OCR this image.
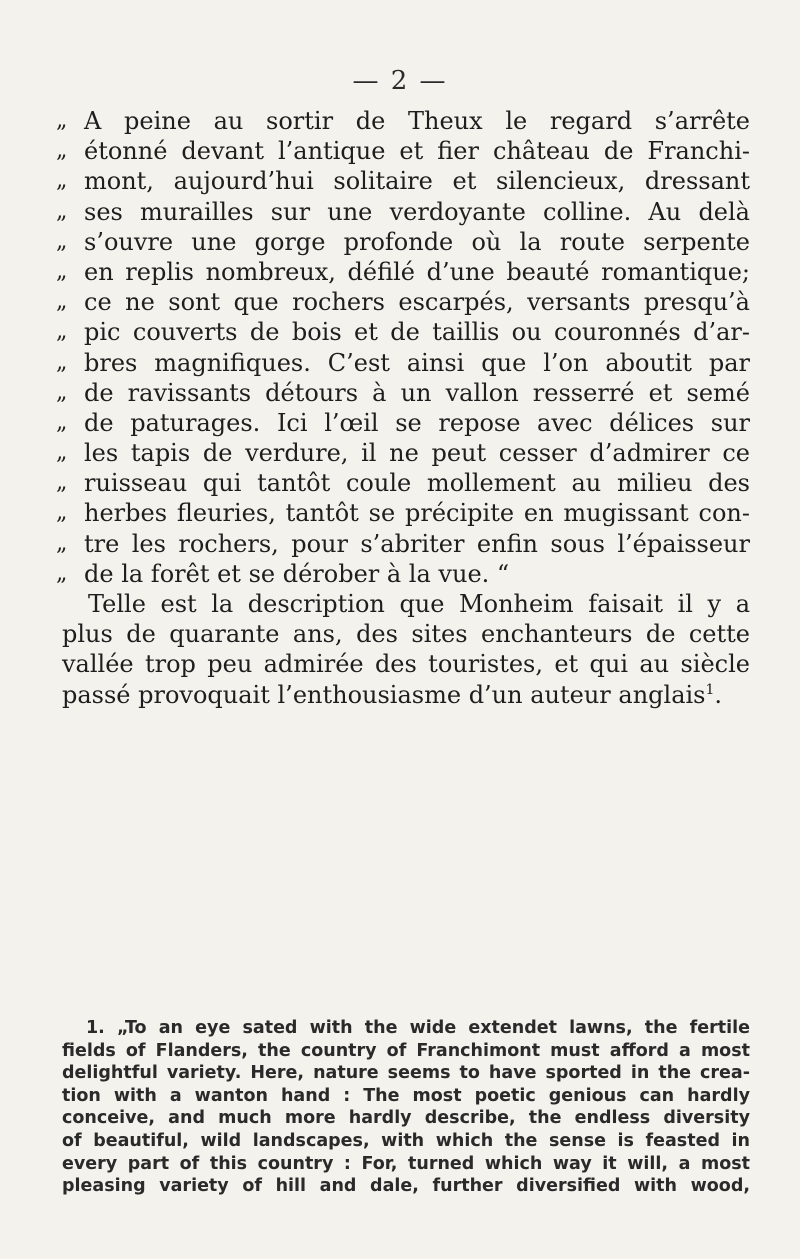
— 2 —
„ A peine au sortir de Theux le regard s’arrête
„ étonné devant l’antique et fier château de Franchi-
„ mont, aujourd’hui solitaire et silencieux, dressant
„ ses murailles sur une verdoyante colline. Au delà
„ s’ouvre une gorge profonde où la route serpente
„ en replis nombreux, défilé d’une beauté romantique;
„ ce ne sont que rochers escarpés, versants presqu’à
„ pic couverts de bois et de taillis ou couronnés d’ar-
„ bres magnifiques. C’est ainsi que l’on aboutit par
„ de ravissants détours à un vallon resserré et semé
„ de paturages. Ici l’œil se repose avec délices sur
„ les tapis de verdure, il ne peut cesser d’admirer ce
„ ruisseau qui tantôt coule mollement au milieu des
„ herbes fleuries, tantôt se précipite en mugissant con-
„ tre les rochers, pour s’abriter enfin sous l’épaisseur
„ de la forêt et se dérober à la vue. “
Telle est la description que Monheim faisait il y a
plus de quarante ans, des sites enchanteurs de cette
vallée trop peu admirée des touristes, et qui au siècle
passé provoquait l’enthousiasme d’un auteur anglais$^1$.
1. „To an eye sated with the wide extendet lawns, the fertile
fields of Flanders, the country of Franchimont must afford a most
delightful variety. Here, nature seems to have sported in the crea-
tion with a wanton hand : The most poetic genious can hardly
conceive, and much more hardly describe, the endless diversity
of beautiful, wild landscapes, with which the sense is feasted in
every part of this country : For, turned which way it will, a most
pleasing variety of hill and dale, further diversified with wood,
